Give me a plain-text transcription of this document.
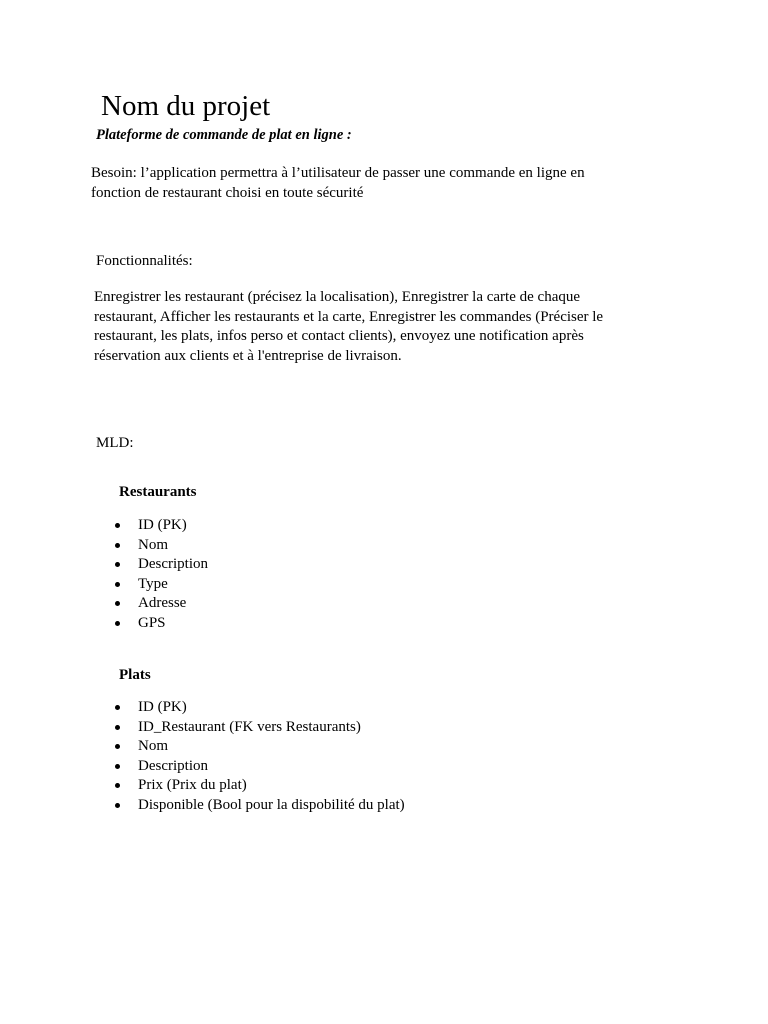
Nom du projet
Plateforme de commande de plat en ligne :

Besoin: l’application permettra à l’utilisateur de passer une commande en ligne en fonction de restaurant choisi en toute sécurité

Fonctionnalités:

Enregistrer les restaurant (précisez la localisation), Enregistrer la carte de chaque restaurant, Afficher les restaurants et la carte, Enregistrer les commandes (Préciser le restaurant, les plats, infos perso et contact clients), envoyez une notification après réservation aux clients et à l'entreprise de livraison.

MLD:
Restaurants
ID (PK)
Nom
Description
Type
Adresse
GPS
Plats
ID (PK)
ID_Restaurant (FK vers Restaurants)
Nom
Description
Prix (Prix du plat)
Disponible (Bool pour la dispobilité du plat)
